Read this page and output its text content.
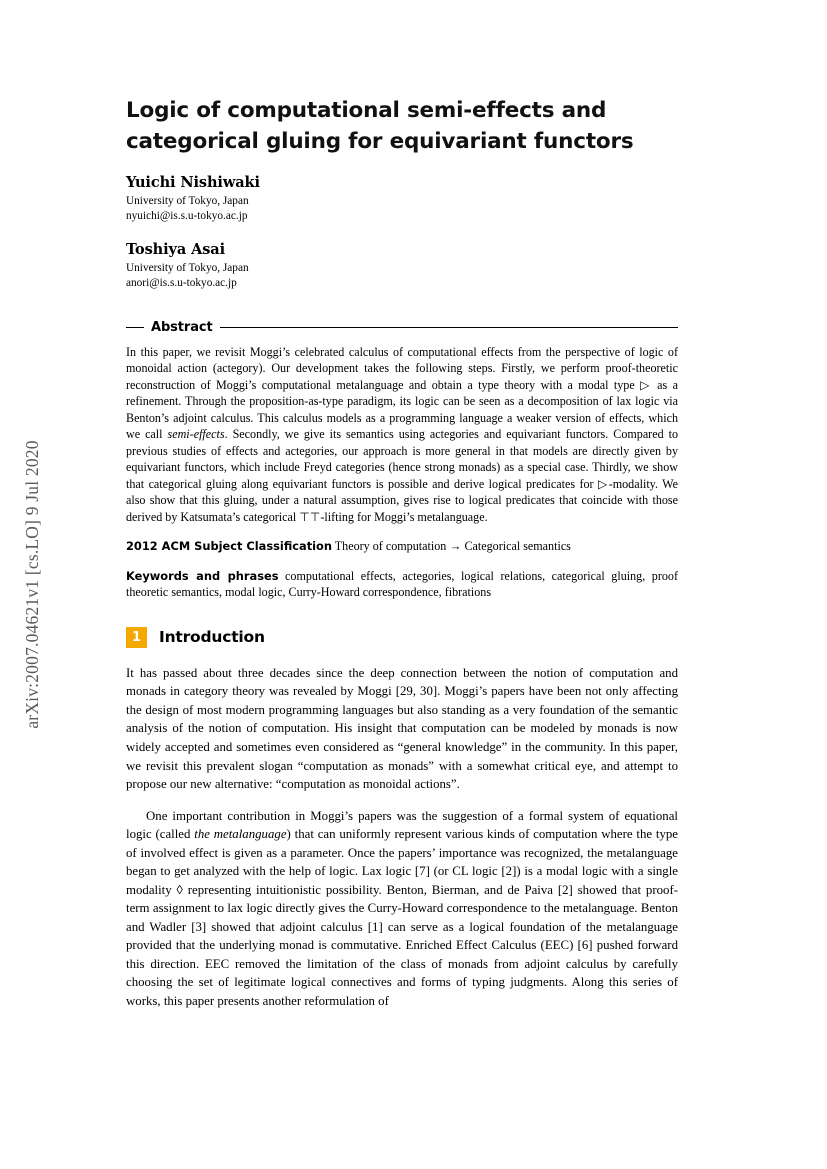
arXiv:2007.04621v1 [cs.LO] 9 Jul 2020
Logic of computational semi-effects and categorical gluing for equivariant functors
Yuichi Nishiwaki
University of Tokyo, Japan
nyuichi@is.s.u-tokyo.ac.jp
Toshiya Asai
University of Tokyo, Japan
anori@is.s.u-tokyo.ac.jp
Abstract
In this paper, we revisit Moggi’s celebrated calculus of computational effects from the perspective of logic of monoidal action (actegory). Our development takes the following steps. Firstly, we perform proof-theoretic reconstruction of Moggi’s computational metalanguage and obtain a type theory with a modal type ▷ as a refinement. Through the proposition-as-type paradigm, its logic can be seen as a decomposition of lax logic via Benton’s adjoint calculus. This calculus models as a programming language a weaker version of effects, which we call semi-effects. Secondly, we give its semantics using actegories and equivariant functors. Compared to previous studies of effects and actegories, our approach is more general in that models are directly given by equivariant functors, which include Freyd categories (hence strong monads) as a special case. Thirdly, we show that categorical gluing along equivariant functors is possible and derive logical predicates for ▷-modality. We also show that this gluing, under a natural assumption, gives rise to logical predicates that coincide with those derived by Katsumata’s categorical ⊤⊤-lifting for Moggi’s metalanguage.
2012 ACM Subject Classification Theory of computation → Categorical semantics
Keywords and phrases computational effects, actegories, logical relations, categorical gluing, proof theoretic semantics, modal logic, Curry-Howard correspondence, fibrations
1	Introduction

It has passed about three decades since the deep connection between the notion of computation and monads in category theory was revealed by Moggi [29, 30]. Moggi’s papers have been not only affecting the design of most modern programming languages but also standing as a very foundation of the semantic analysis of the notion of computation. His insight that computation can be modeled by monads is now widely accepted and sometimes even considered as “general knowledge” in the community. In this paper, we revisit this prevalent slogan “computation as monads” with a somewhat critical eye, and attempt to propose our new alternative: “computation as monoidal actions”.

One important contribution in Moggi’s papers was the suggestion of a formal system of equational logic (called the metalanguage) that can uniformly represent various kinds of computation where the type of involved effect is given as a parameter. Once the papers’ importance was recognized, the metalanguage began to get analyzed with the help of logic. Lax logic [7] (or CL logic [2]) is a modal logic with a single modality ◊ representing intuitionistic possibility. Benton, Bierman, and de Paiva [2] showed that proof-term assignment to lax logic directly gives the Curry-Howard correspondence to the metalanguage. Benton and Wadler [3] showed that adjoint calculus [1] can serve as a logical foundation of the metalanguage provided that the underlying monad is commutative. Enriched Effect Calculus (EEC) [6] pushed forward this direction. EEC removed the limitation of the class of monads from adjoint calculus by carefully choosing the set of legitimate logical connectives and forms of typing judgments. Along this series of works, this paper presents another reformulation of
